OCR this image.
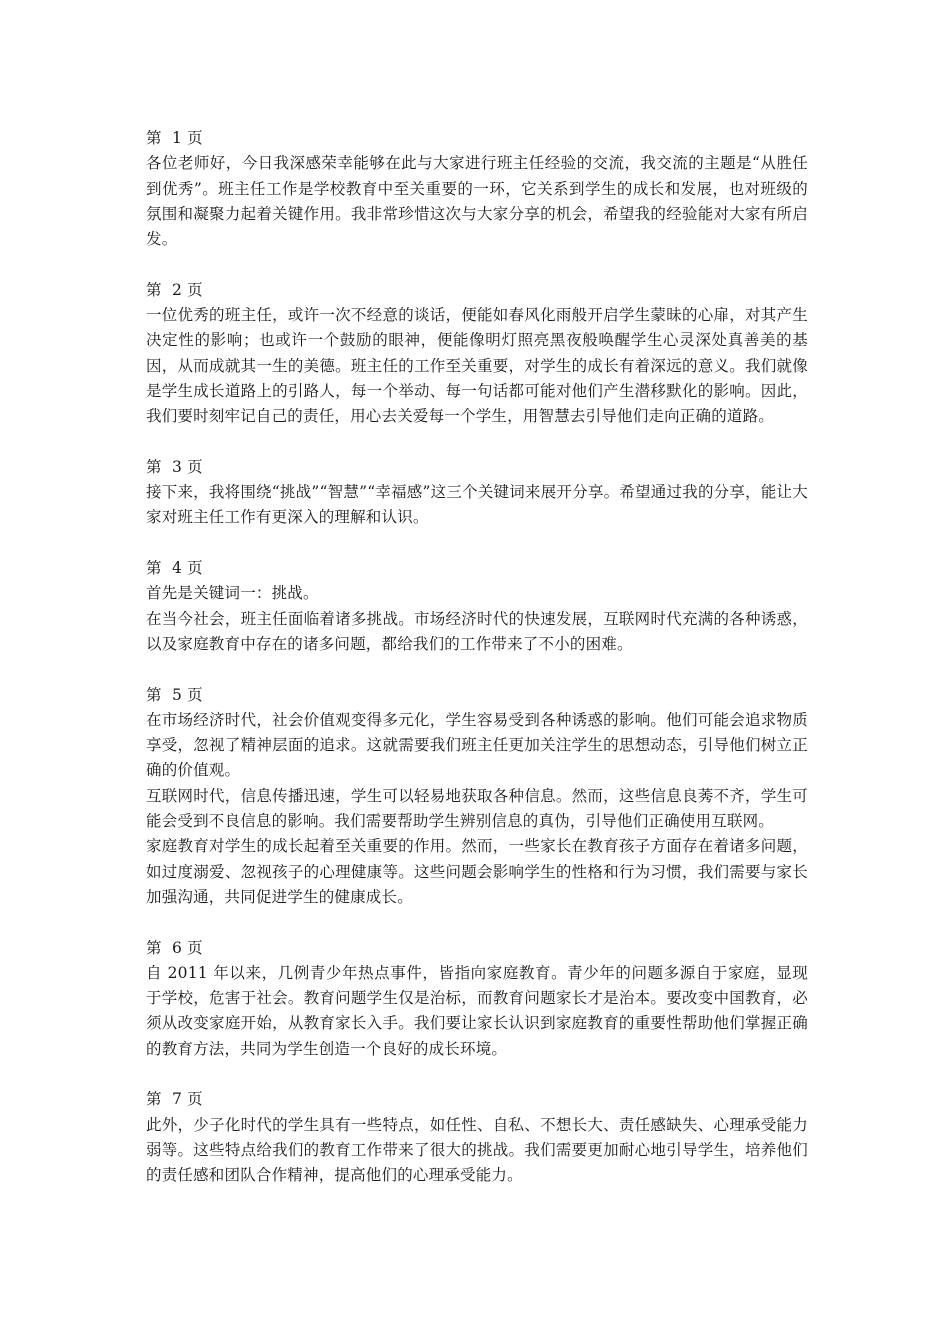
第  1 页
各位老师好，今日我深感荣幸能够在此与大家进行班主任经验的交流，我交流的主题是“从胜任到优秀”。班主任工作是学校教育中至关重要的一环，它关系到学生的成长和发展，也对班级的氛围和凝聚力起着关键作用。我非常珍惜这次与大家分享的机会，希望我的经验能对大家有所启发。
第  2 页
一位优秀的班主任，或许一次不经意的谈话，便能如春风化雨般开启学生蒙昧的心扉，对其产生决定性的影响；也或许一个鼓励的眼神，便能像明灯照亮黑夜般唤醒学生心灵深处真善美的基因，从而成就其一生的美德。班主任的工作至关重要，对学生的成长有着深远的意义。我们就像是学生成长道路上的引路人，每一个举动、每一句话都可能对他们产生潜移默化的影响。因此，我们要时刻牢记自己的责任，用心去关爱每一个学生，用智慧去引导他们走向正确的道路。
第  3 页
接下来，我将围绕“挑战”“智慧”“幸福感”这三个关键词来展开分享。希望通过我的分享，能让大家对班主任工作有更深入的理解和认识。
第  4 页
首先是关键词一：挑战。
在当今社会，班主任面临着诸多挑战。市场经济时代的快速发展，互联网时代充满的各种诱惑，以及家庭教育中存在的诸多问题，都给我们的工作带来了不小的困难。
第  5 页
在市场经济时代，社会价值观变得多元化，学生容易受到各种诱惑的影响。他们可能会追求物质享受，忽视了精神层面的追求。这就需要我们班主任更加关注学生的思想动态，引导他们树立正确的价值观。
互联网时代，信息传播迅速，学生可以轻易地获取各种信息。然而，这些信息良莠不齐，学生可能会受到不良信息的影响。我们需要帮助学生辨别信息的真伪，引导他们正确使用互联网。
家庭教育对学生的成长起着至关重要的作用。然而，一些家长在教育孩子方面存在着诸多问题，如过度溺爱、忽视孩子的心理健康等。这些问题会影响学生的性格和行为习惯，我们需要与家长加强沟通，共同促进学生的健康成长。
第  6 页
自 2011 年以来，几例青少年热点事件，皆指向家庭教育。青少年的问题多源自于家庭，显现于学校，危害于社会。教育问题学生仅是治标，而教育问题家长才是治本。要改变中国教育，必须从改变家庭开始，从教育家长入手。我们要让家长认识到家庭教育的重要性帮助他们掌握正确的教育方法，共同为学生创造一个良好的成长环境。
第  7 页
此外，少子化时代的学生具有一些特点，如任性、自私、不想长大、责任感缺失、心理承受能力弱等。这些特点给我们的教育工作带来了很大的挑战。我们需要更加耐心地引导学生，培养他们的责任感和团队合作精神，提高他们的心理承受能力。
